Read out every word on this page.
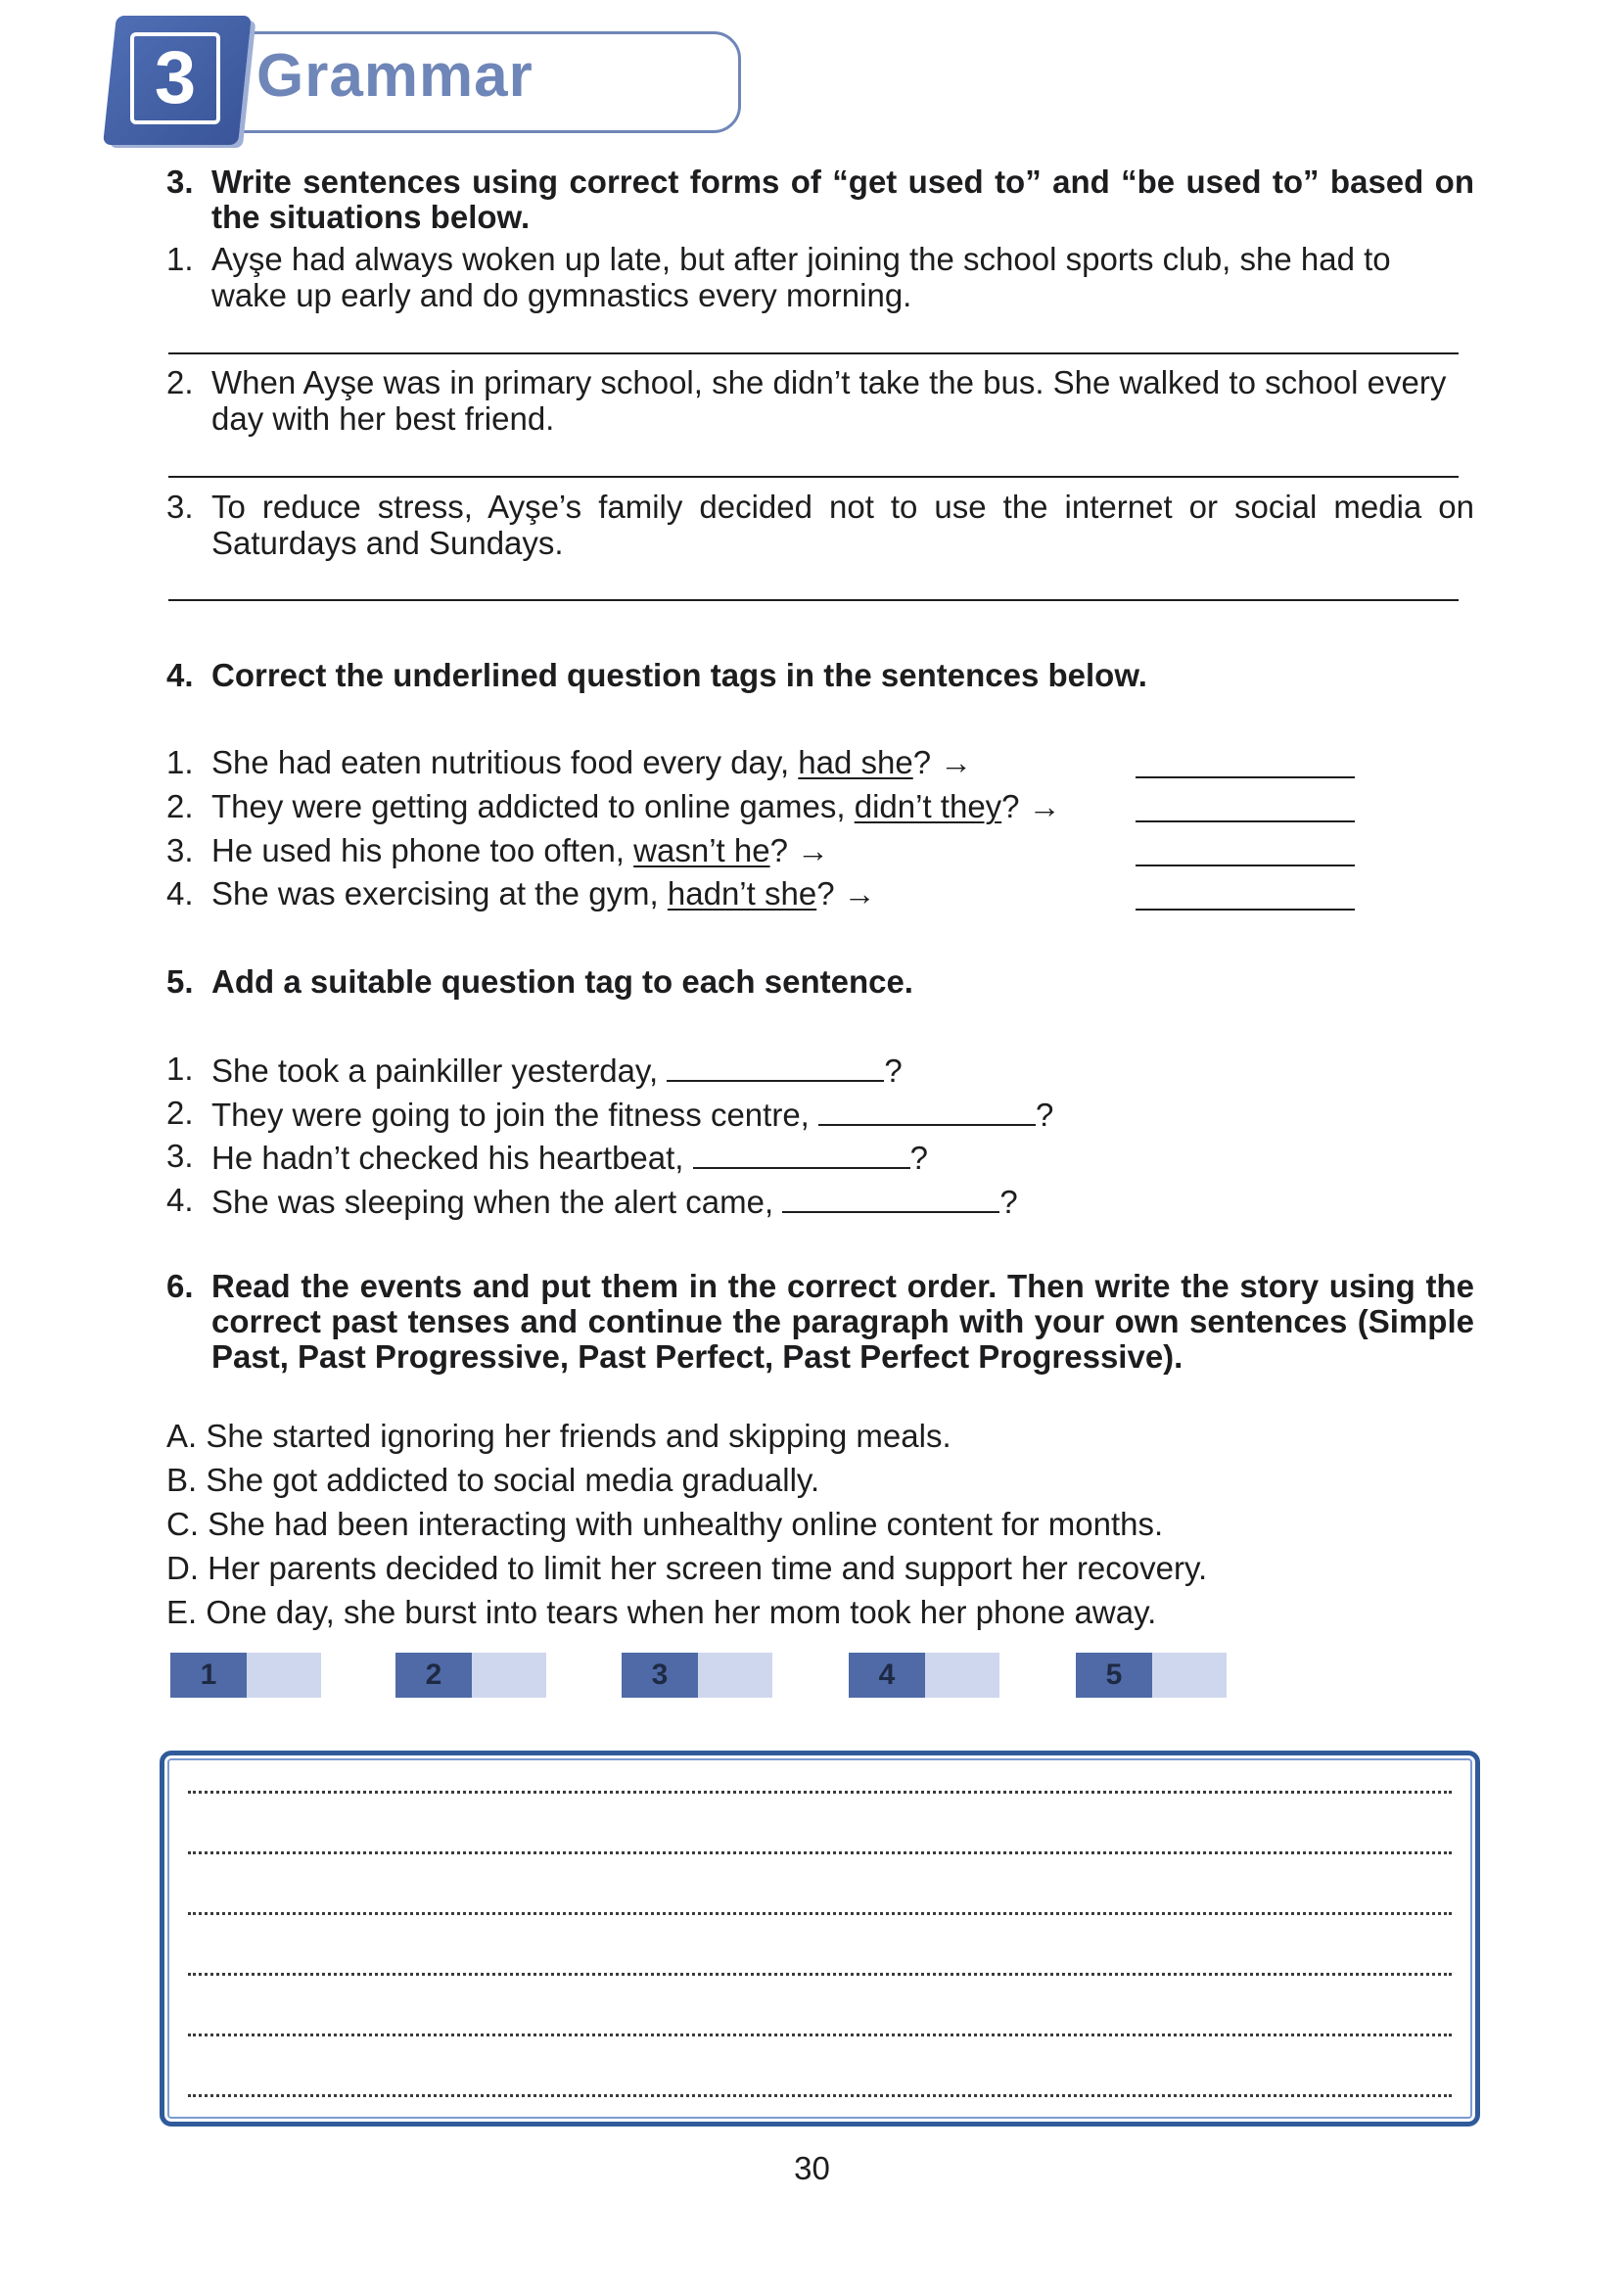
3 Grammar
3. Write sentences using correct forms of “get used to” and “be used to” based on the situations below.
1. Ayşe had always woken up late, but after joining the school sports club, she had to wake up early and do gymnastics every morning.
2. When Ayşe was in primary school, she didn’t take the bus. She walked to school every day with her best friend.
3. To reduce stress, Ayşe’s family decided not to use the internet or social media on Saturdays and Sundays.
4. Correct the underlined question tags in the sentences below.
1. She had eaten nutritious food every day, had she? →
2. They were getting addicted to online games, didn’t they? →
3. He used his phone too often, wasn’t he? →
4. She was exercising at the gym, hadn’t she? →
5. Add a suitable question tag to each sentence.
1. She took a painkiller yesterday,	?
2. They were going to join the fitness centre,	?
3. He hadn’t checked his heartbeat,	?
4. She was sleeping when the alert came,	?
6. Read the events and put them in the correct order. Then write the story using the correct past tenses and continue the paragraph with your own sentences (Simple Past, Past Progressive, Past Perfect, Past Perfect Progressive).
A. She started ignoring her friends and skipping meals.
B. She got addicted to social media gradually.
C. She had been interacting with unhealthy online content for months.
D. Her parents decided to limit her screen time and support her recovery.
E. One day, she burst into tears when her mom took her phone away.
1	2	3	4	5
30
